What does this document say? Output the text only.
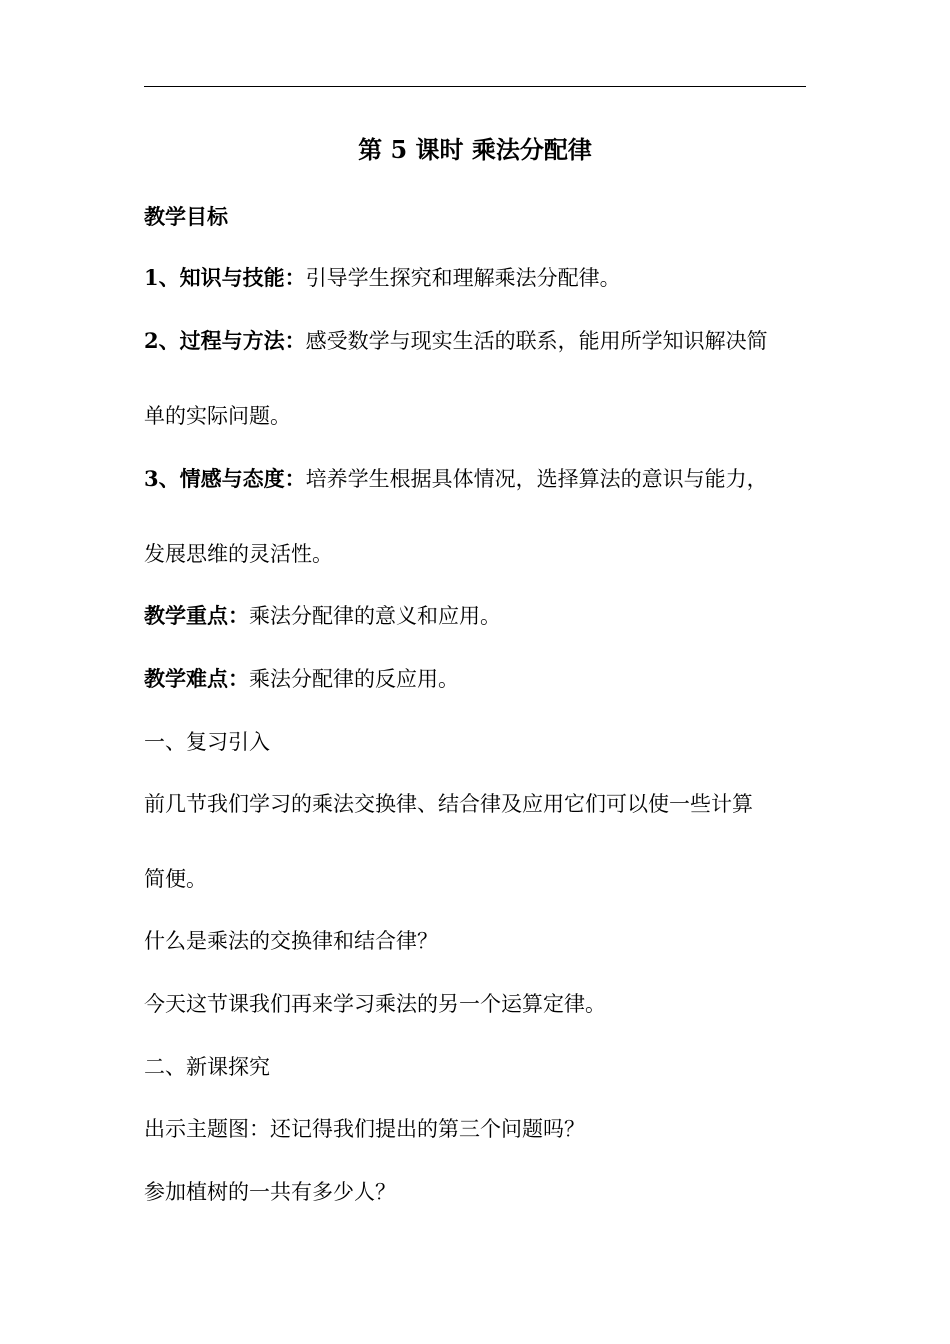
第 5 课时 乘法分配律
教学目标
1、知识与技能：引导学生探究和理解乘法分配律。
2、过程与方法：感受数学与现实生活的联系，能用所学知识解决简
单的实际问题。
3、情感与态度：培养学生根据具体情况，选择算法的意识与能力，
发展思维的灵活性。
教学重点：乘法分配律的意义和应用。
教学难点：乘法分配律的反应用。
一、复习引入
前几节我们学习的乘法交换律、结合律及应用它们可以使一些计算
简便。
什么是乘法的交换律和结合律？
今天这节课我们再来学习乘法的另一个运算定律。
二、新课探究
出示主题图：还记得我们提出的第三个问题吗？
参加植树的一共有多少人？
